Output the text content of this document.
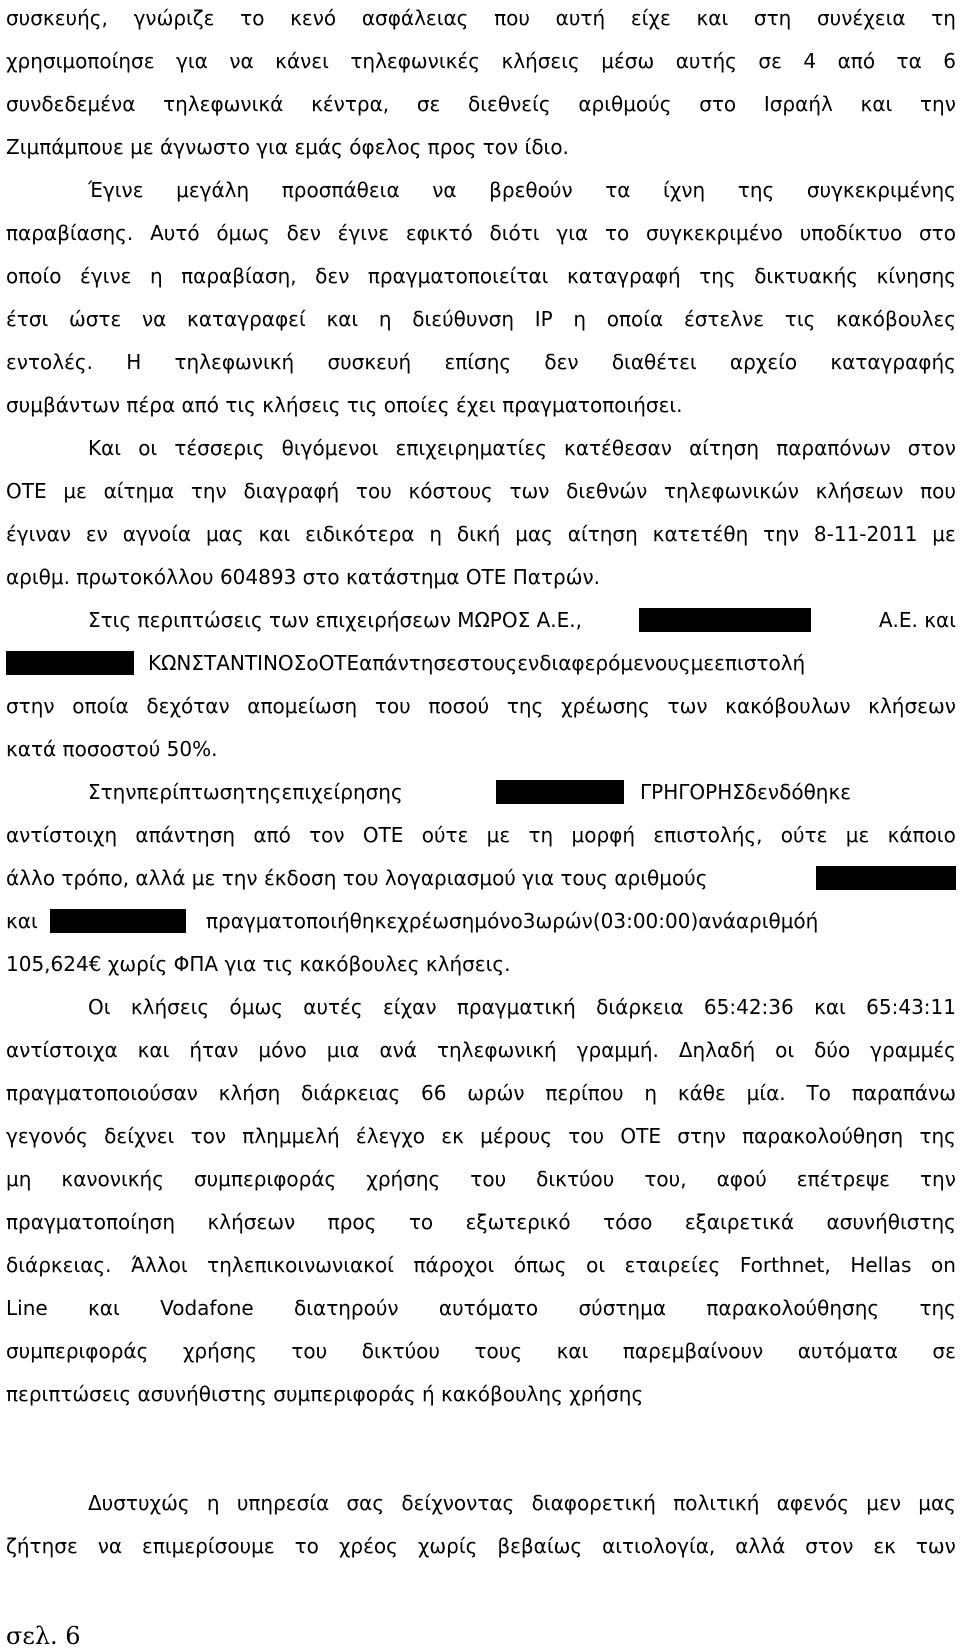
συσκευής, γνώριζε το κενό ασφάλειας που αυτή είχε και στη συνέχεια τη
χρησιμοποίησε για να κάνει τηλεφωνικές κλήσεις μέσω αυτής σε 4 από τα 6
συνδεδεμένα τηλεφωνικά κέντρα, σε διεθνείς αριθμούς στο Ισραήλ και την
Ζιμπάμπουε με άγνωστο για εμάς όφελος προς τον ίδιο.
Έγινε μεγάλη προσπάθεια να βρεθούν τα ίχνη της συγκεκριμένης
παραβίασης. Αυτό όμως δεν έγινε εφικτό διότι για το συγκεκριμένο υποδίκτυο στο
οποίο έγινε η παραβίαση, δεν πραγματοποιείται καταγραφή της δικτυακής κίνησης
έτσι ώστε να καταγραφεί και η διεύθυνση IP η οποία έστελνε τις κακόβουλες
εντολές. Η τηλεφωνική συσκευή επίσης δεν διαθέτει αρχείο καταγραφής
συμβάντων πέρα από τις κλήσεις τις οποίες έχει πραγματοποιήσει.
Και οι τέσσερις θιγόμενοι επιχειρηματίες κατέθεσαν αίτηση παραπόνων στον
ΟΤΕ με αίτημα την διαγραφή του κόστους των διεθνών τηλεφωνικών κλήσεων που
έγιναν εν αγνοία μας και ειδικότερα η δική μας αίτηση κατετέθη την 8-11-2011 με
αριθμ. πρωτοκόλλου 604893 στο κατάστημα ΟΤΕ Πατρών.
Στις περιπτώσεις των επιχειρήσεων ΜΩΡΟΣ Α.Ε.,	Α.Ε. και
ΚΩΝΣΤΑΝΤΙΝΟΣοΟΤΕαπάντησεστουςενδιαφερόμενουςμεεπιστολή
στην οποία δεχόταν απομείωση του ποσού της χρέωσης των κακόβουλων κλήσεων
κατά ποσοστού 50%.
Στηνπερίπτωσητηςεπιχείρησης	ΓΡΗΓΟΡΗΣδενδόθηκε
αντίστοιχη απάντηση από τον ΟΤΕ ούτε με τη μορφή επιστολής, ούτε με κάποιο
άλλο τρόπο, αλλά με την έκδοση του λογαριασμού για τους αριθμούς
και	πραγματοποιήθηκεχρέωσημόνο3ωρών(03:00:00)ανάαριθμόή
105,624€ χωρίς ΦΠΑ για τις κακόβουλες κλήσεις.
Οι κλήσεις όμως αυτές είχαν πραγματική διάρκεια 65:42:36 και 65:43:11
αντίστοιχα και ήταν μόνο μια ανά τηλεφωνική γραμμή. Δηλαδή οι δύο γραμμές
πραγματοποιούσαν κλήση διάρκειας 66 ωρών περίπου η κάθε μία. Το παραπάνω
γεγονός δείχνει τον πλημμελή έλεγχο εκ μέρους του ΟΤΕ στην παρακολούθηση της
μη κανονικής συμπεριφοράς χρήσης του δικτύου του, αφού επέτρεψε την
πραγματοποίηση κλήσεων προς το εξωτερικό τόσο εξαιρετικά ασυνήθιστης
διάρκειας. Άλλοι τηλεπικοινωνιακοί πάροχοι όπως οι εταιρείες Forthnet, Hellas on
Line και Vodafone διατηρούν αυτόματο σύστημα παρακολούθησης της
συμπεριφοράς χρήσης του δικτύου τους και παρεμβαίνουν αυτόματα σε
περιπτώσεις ασυνήθιστης συμπεριφοράς ή κακόβουλης χρήσης
Δυστυχώς η υπηρεσία σας δείχνοντας διαφορετική πολιτική αφενός μεν μας
ζήτησε να επιμερίσουμε το χρέος χωρίς βεβαίως αιτιολογία, αλλά στον εκ των
σελ. 6
